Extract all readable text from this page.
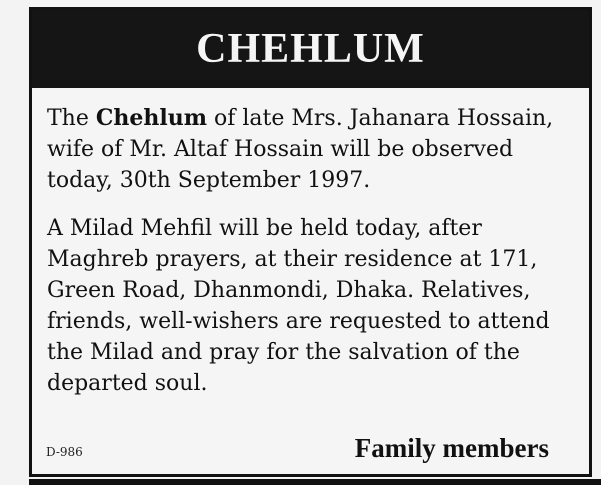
CHEHLUM
The Chehlum of late Mrs. Jahanara Hossain, wife of Mr. Altaf Hossain will be observed today, 30th September 1997.
A Milad Mehfil will be held today, after Maghreb prayers, at their residence at 171, Green Road, Dhanmondi, Dhaka. Relatives, friends, well-wishers are requested to attend the Milad and pray for the salvation of the departed soul.
D-986	Family members
